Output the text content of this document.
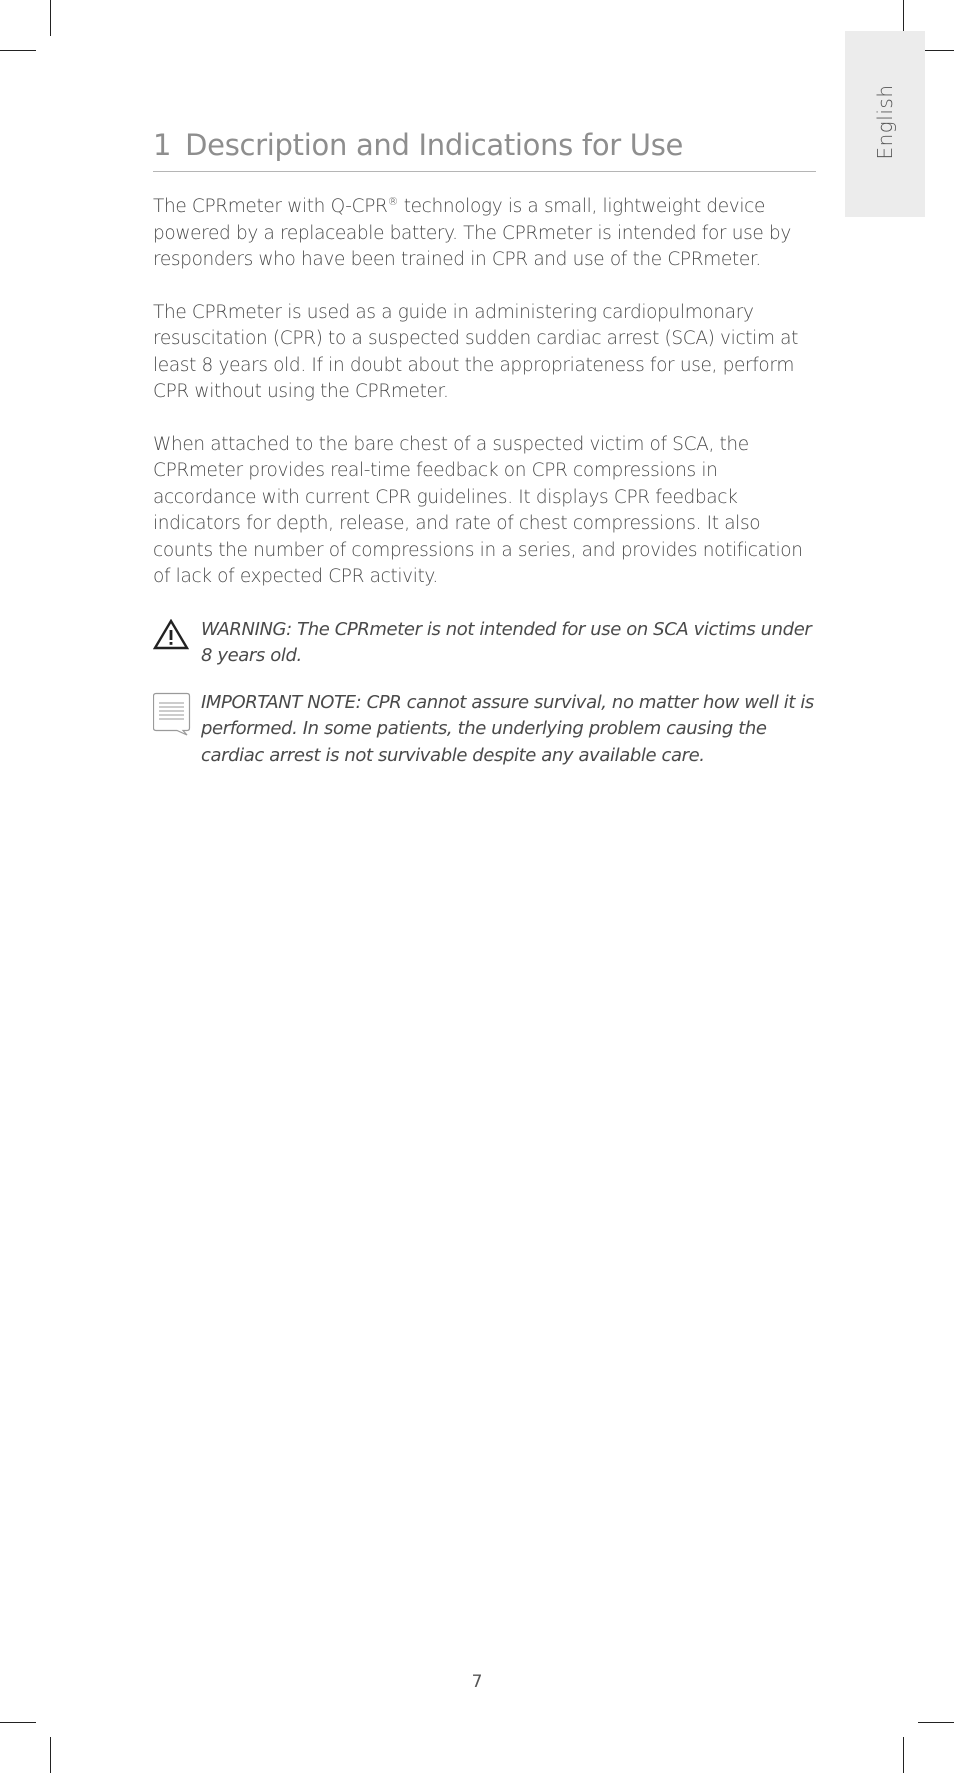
English
1 Description and Indications for Use

The CPRmeter with Q-CPR® technology is a small, lightweight device powered by a replaceable battery. The CPRmeter is intended for use by responders who have been trained in CPR and use of the CPRmeter.

The CPRmeter is used as a guide in administering cardiopulmonary resuscitation (CPR) to a suspected sudden cardiac arrest (SCA) victim at least 8 years old. If in doubt about the appropriateness for use, perform CPR without using the CPRmeter.

When attached to the bare chest of a suspected victim of SCA, the CPRmeter provides real-time feedback on CPR compressions in accordance with current CPR guidelines. It displays CPR feedback indicators for depth, release, and rate of chest compressions. It also counts the number of compressions in a series, and provides notification of lack of expected CPR activity.

WARNING: The CPRmeter is not intended for use on SCA victims under 8 years old.
IMPORTANT NOTE: CPR cannot assure survival, no matter how well it is performed. In some patients, the underlying problem causing the cardiac arrest is not survivable despite any available care.
7
